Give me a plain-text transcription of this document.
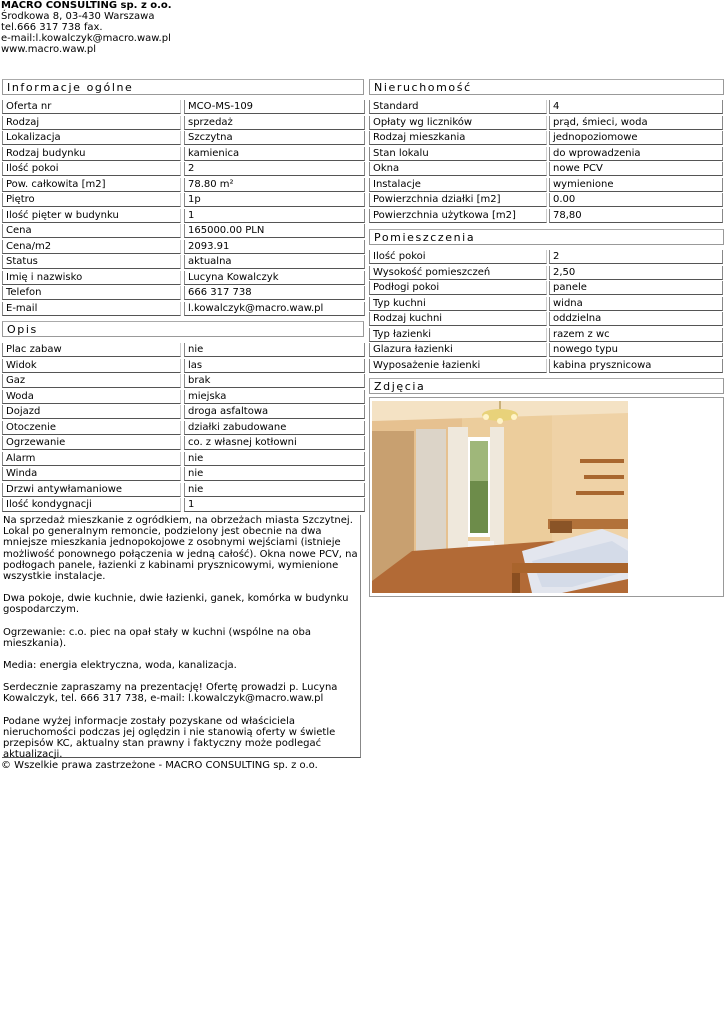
MACRO CONSULTING sp. z o.o.
Środkowa 8, 03-430 Warszawa
tel.666 317 738 fax.
e-mail:l.kowalczyk@macro.waw.pl
www.macro.waw.pl
Informacje ogólne
Oferta nr	MCO-MS-109
Rodzaj	sprzedaż
Lokalizacja	Szczytna
Rodzaj budynku	kamienica
Ilość pokoi	2
Pow. całkowita [m2]	78.80 m²
Piętro	1p
Ilość pięter w budynku	1
Cena	165000.00 PLN
Cena/m2	2093.91
Status	aktualna
Imię i nazwisko	Lucyna Kowalczyk
Telefon	666 317 738
E-mail	l.kowalczyk@macro.waw.pl
Opis
Plac zabaw	nie
Widok	las
Gaz	brak
Woda	miejska
Dojazd	droga asfaltowa
Otoczenie	działki zabudowane
Ogrzewanie	co. z własnej kotłowni
Alarm	nie
Winda	nie
Drzwi antywłamaniowe	nie
Ilość kondygnacji	1

Na sprzedaż mieszkanie z ogródkiem, na obrzeżach miasta Szczytnej. Lokal po generalnym remoncie, podzielony jest obecnie na dwa mniejsze mieszkania jednopokojowe z osobnymi wejściami (istnieje możliwość ponownego połączenia w jedną całość). Okna nowe PCV, na podłogach panele, łazienki z kabinami prysznicowymi, wymienione wszystkie instalacje.

Dwa pokoje, dwie kuchnie, dwie łazienki, ganek, komórka w budynku gospodarczym.

Ogrzewanie: c.o. piec na opał stały w kuchni (wspólne na oba mieszkania).

Media: energia elektryczna, woda, kanalizacja.

Serdecznie zapraszamy na prezentację! Ofertę prowadzi p. Lucyna Kowalczyk, tel. 666 317 738, e-mail: l.kowalczyk@macro.waw.pl

Podane wyżej informacje zostały pozyskane od właściciela nieruchomości podczas jej oględzin i nie stanowią oferty w świetle przepisów KC, aktualny stan prawny i faktyczny może podlegać aktualizacji.

Nieruchomość
Standard	4
Opłaty wg liczników	prąd, śmieci, woda
Rodzaj mieszkania	jednopoziomowe
Stan lokalu	do wprowadzenia
Okna	nowe PCV
Instalacje	wymienione
Powierzchnia działki [m2]	0.00
Powierzchnia użytkowa [m2]	78,80
Pomieszczenia
Ilość pokoi	2
Wysokość pomieszczeń	2,50
Podłogi pokoi	panele
Typ kuchni	widna
Rodzaj kuchni	oddzielna
Typ łazienki	razem z wc
Glazura łazienki	nowego typu
Wyposażenie łazienki	kabina prysznicowa
Zdjęcia
© Wszelkie prawa zastrzeżone - MACRO CONSULTING sp. z o.o.
